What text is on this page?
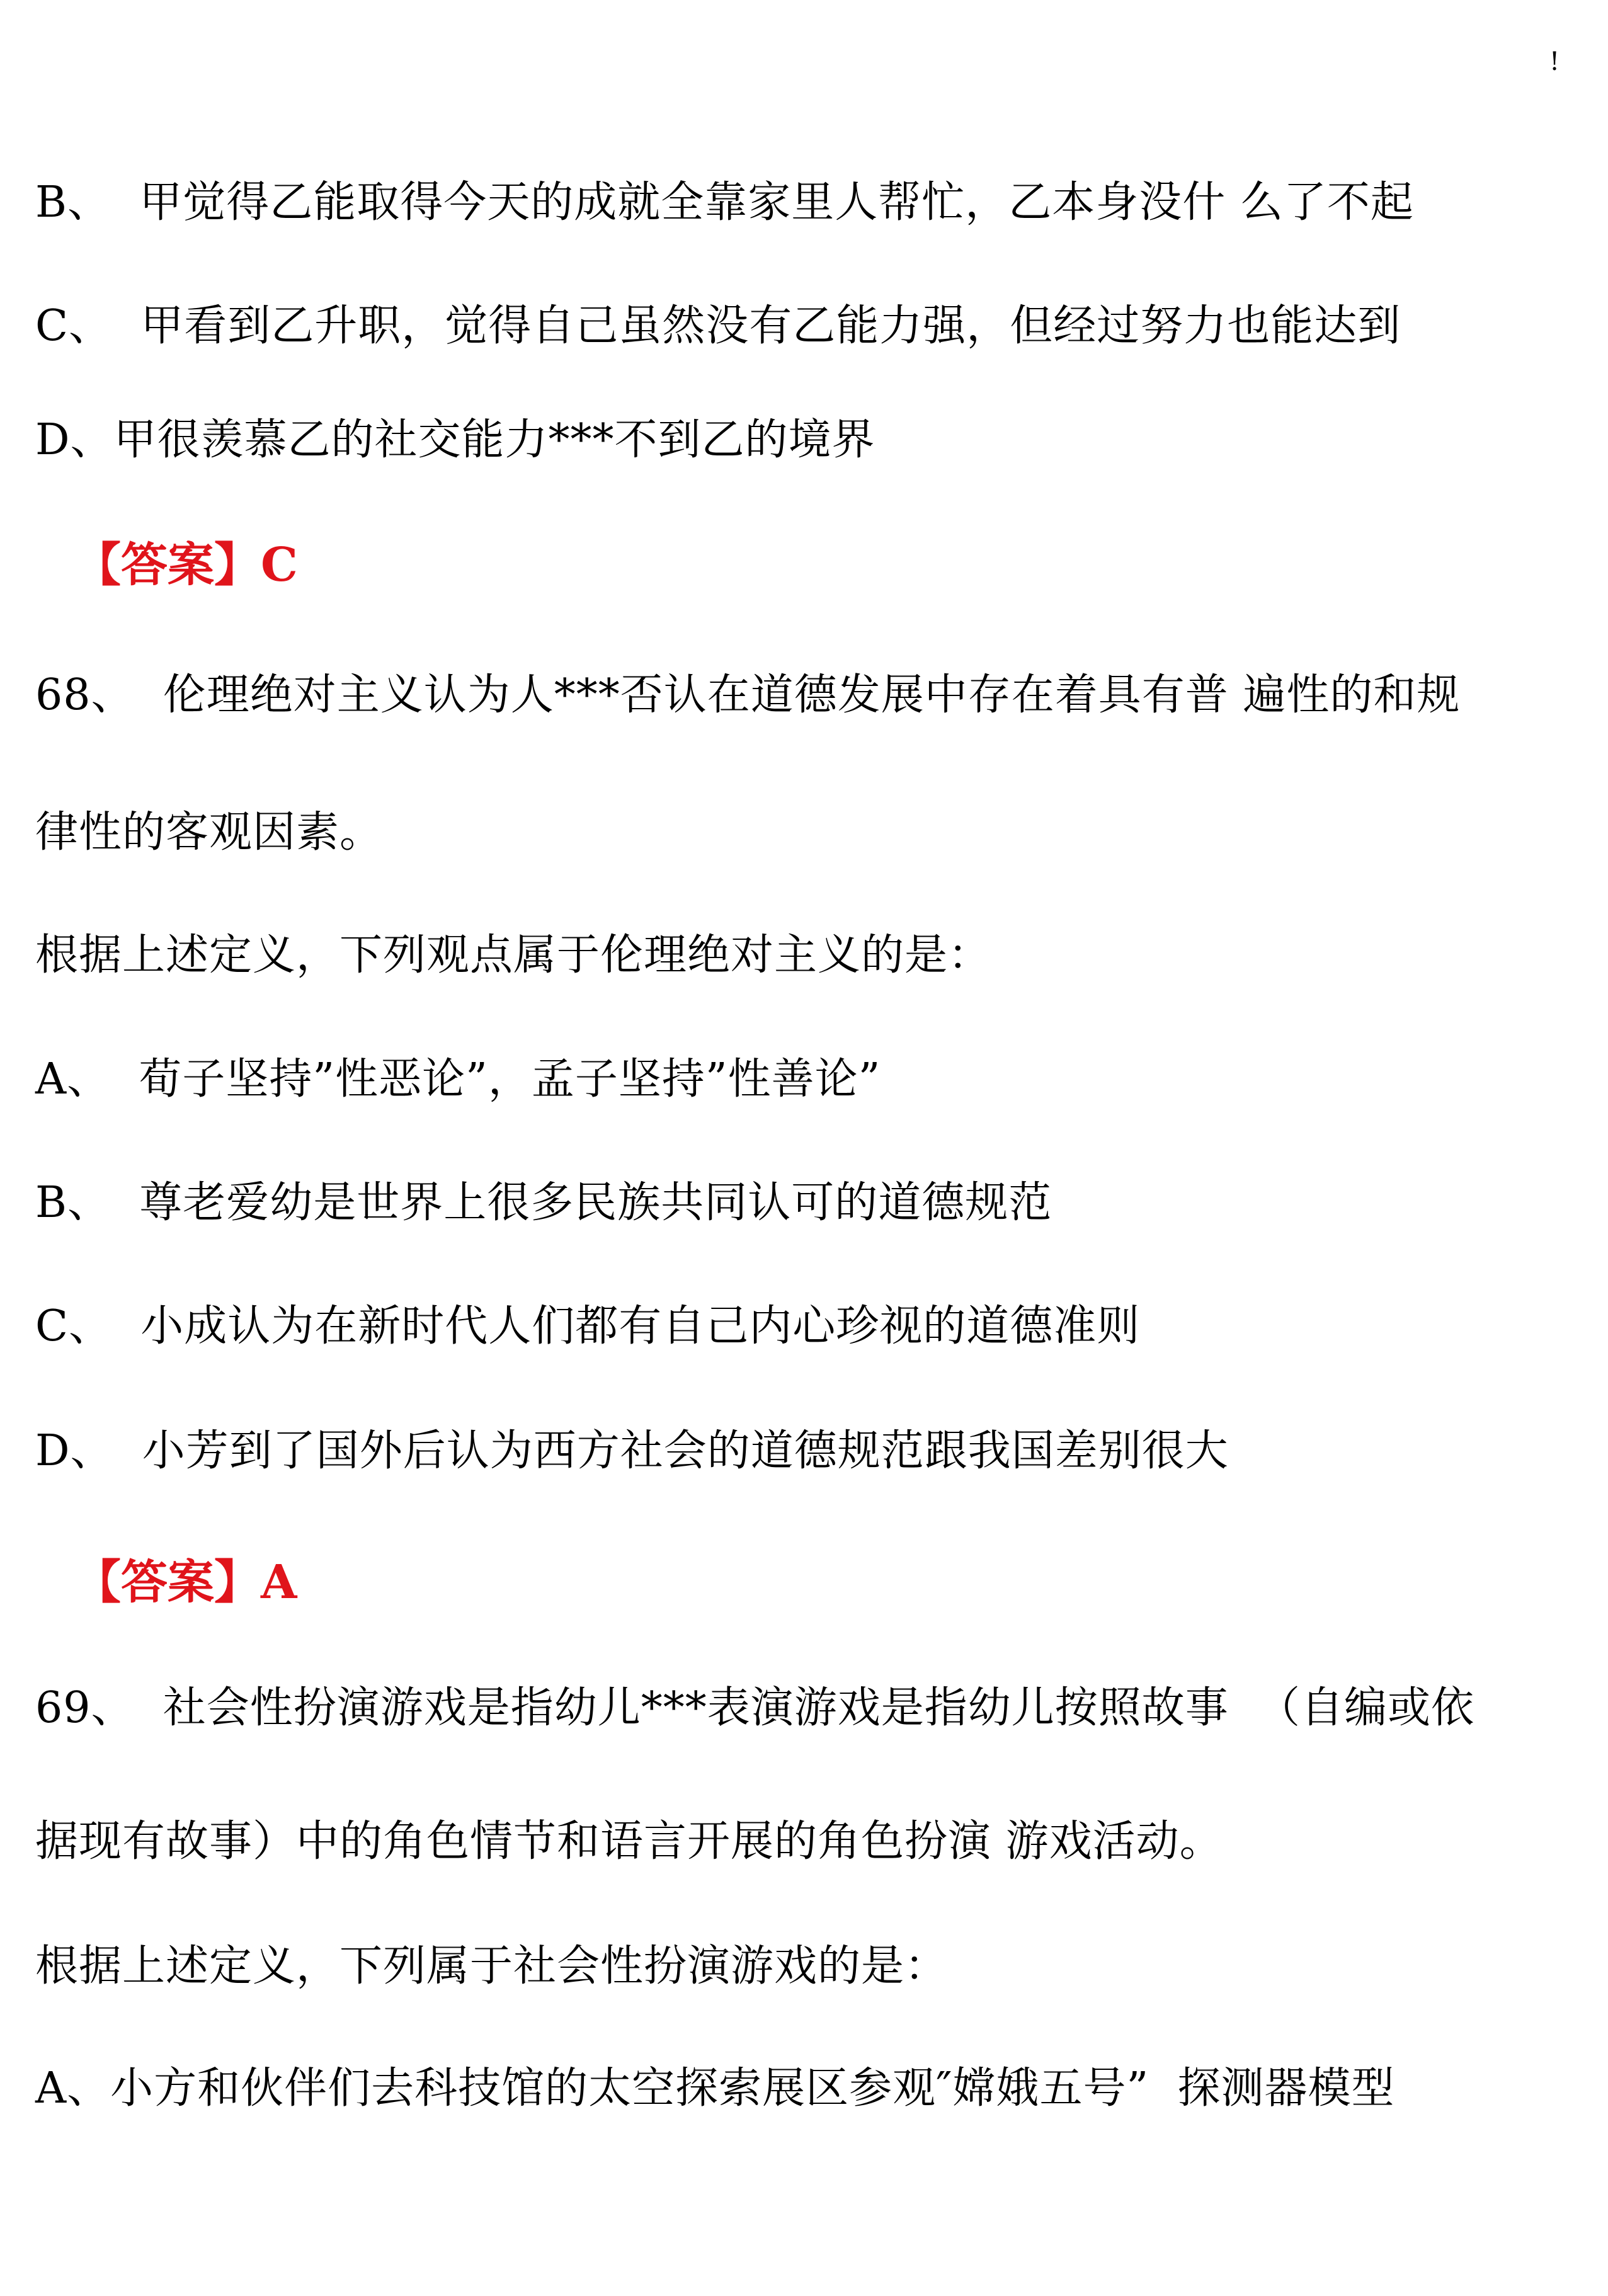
!
B、  甲觉得乙能取得今天的成就全靠家里人帮忙，乙本身没什 么了不起
C、  甲看到乙升职，觉得自己虽然没有乙能力强，但经过努力也能达到
D、甲很羡慕乙的社交能力***不到乙的境界
【答案】C
68、  伦理绝对主义认为人***否认在道德发展中存在着具有普 遍性的和规
律性的客观因素。
根据上述定义，下列观点属于伦理绝对主义的是：
A、  荀子坚持”性恶论”，孟子坚持”性善论”
B、  尊老爱幼是世界上很多民族共同认可的道德规范
C、  小成认为在新时代人们都有自己内心珍视的道德准则
D、  小芳到了国外后认为西方社会的道德规范跟我国差别很大
【答案】A
69、  社会性扮演游戏是指幼儿***表演游戏是指幼儿按照故事  （自编或依
据现有故事）中的角色情节和语言开展的角色扮演 游戏活动。
根据上述定义，下列属于社会性扮演游戏的是：
A、小方和伙伴们去科技馆的太空探索展区参观″嫦娥五号”  探测器模型
